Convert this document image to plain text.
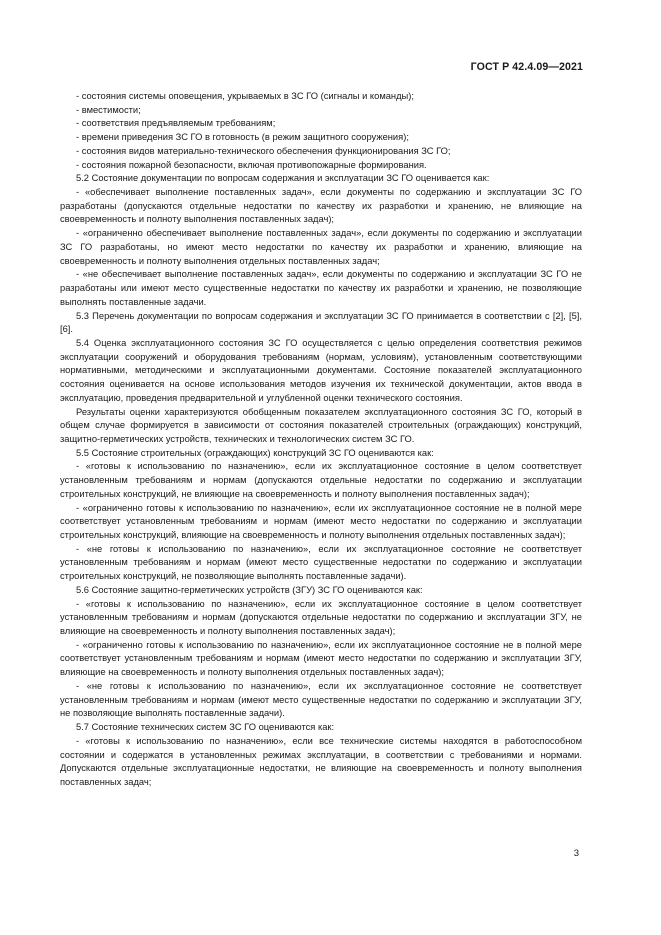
ГОСТ Р 42.4.09—2021

- состояния системы оповещения, укрываемых в ЗС ГО (сигналы и команды);

- вместимости;

- соответствия предъявляемым требованиям;

- времени приведения ЗС ГО в готовность (в режим защитного сооружения);

- состояния видов материально-технического обеспечения функционирования ЗС ГО;

- состояния пожарной безопасности, включая противопожарные формирования.

5.2 Состояние документации по вопросам содержания и эксплуатации ЗС ГО оценивается как:

- «обеспечивает выполнение поставленных задач», если документы по содержанию и эксплуатации ЗС ГО разработаны (допускаются отдельные недостатки по качеству их разработки и хранению, не влияющие на своевременность и полноту выполнения поставленных задач);

- «ограниченно обеспечивает выполнение поставленных задач», если документы по содержанию и эксплуатации ЗС ГО разработаны, но имеют место недостатки по качеству их разработки и хранению, влияющие на своевременность и полноту выполнения отдельных поставленных задач;

- «не обеспечивает выполнение поставленных задач», если документы по содержанию и эксплуатации ЗС ГО не разработаны или имеют место существенные недостатки по качеству их разработки и хранению, не позволяющие выполнять поставленные задачи.

5.3 Перечень документации по вопросам содержания и эксплуатации ЗС ГО принимается в соответствии с [2], [5], [6].

5.4 Оценка эксплуатационного состояния ЗС ГО осуществляется с целью определения соответствия режимов эксплуатации сооружений и оборудования требованиям (нормам, условиям), установленным соответствующими нормативными, методическими и эксплуатационными документами. Состояние показателей эксплуатационного состояния оценивается на основе использования методов изучения их технической документации, актов ввода в эксплуатацию, проведения предварительной и углубленной оценки технического состояния.

Результаты оценки характеризуются обобщенным показателем эксплуатационного состояния ЗС ГО, который в общем случае формируется в зависимости от состояния показателей строительных (ограждающих) конструкций, защитно-герметических устройств, технических и технологических систем ЗС ГО.

5.5 Состояние строительных (ограждающих) конструкций ЗС ГО оцениваются как:

- «готовы к использованию по назначению», если их эксплуатационное состояние в целом соответствует установленным требованиям и нормам (допускаются отдельные недостатки по содержанию и эксплуатации строительных конструкций, не влияющие на своевременность и полноту выполнения поставленных задач);

- «ограниченно готовы к использованию по назначению», если их эксплуатационное состояние не в полной мере соответствует установленным требованиям и нормам (имеют место недостатки по содержанию и эксплуатации строительных конструкций, влияющие на своевременность и полноту выполнения отдельных поставленных задач);

- «не готовы к использованию по назначению», если их эксплуатационное состояние не соответствует установленным требованиям и нормам (имеют место существенные недостатки по содержанию и эксплуатации строительных конструкций, не позволяющие выполнять поставленные задачи).

5.6 Состояние защитно-герметических устройств (ЗГУ) ЗС ГО оцениваются как:

- «готовы к использованию по назначению», если их эксплуатационное состояние в целом соответствует установленным требованиям и нормам (допускаются отдельные недостатки по содержанию и эксплуатации ЗГУ, не влияющие на своевременность и полноту выполнения поставленных задач);

- «ограниченно готовы к использованию по назначению», если их эксплуатационное состояние не в полной мере соответствует установленным требованиям и нормам (имеют место недостатки по содержанию и эксплуатации ЗГУ, влияющие на своевременность и полноту выполнения отдельных поставленных задач);

- «не готовы к использованию по назначению», если их эксплуатационное состояние не соответствует установленным требованиям и нормам (имеют место существенные недостатки по содержанию и эксплуатации ЗГУ, не позволяющие выполнять поставленные задачи).

5.7 Состояние технических систем ЗС ГО оцениваются как:

- «готовы к использованию по назначению», если все технические системы находятся в работоспособном состоянии и содержатся в установленных режимах эксплуатации, в соответствии с требованиями и нормами. Допускаются отдельные эксплуатационные недостатки, не влияющие на своевременность и полноту выполнения поставленных задач;

3
